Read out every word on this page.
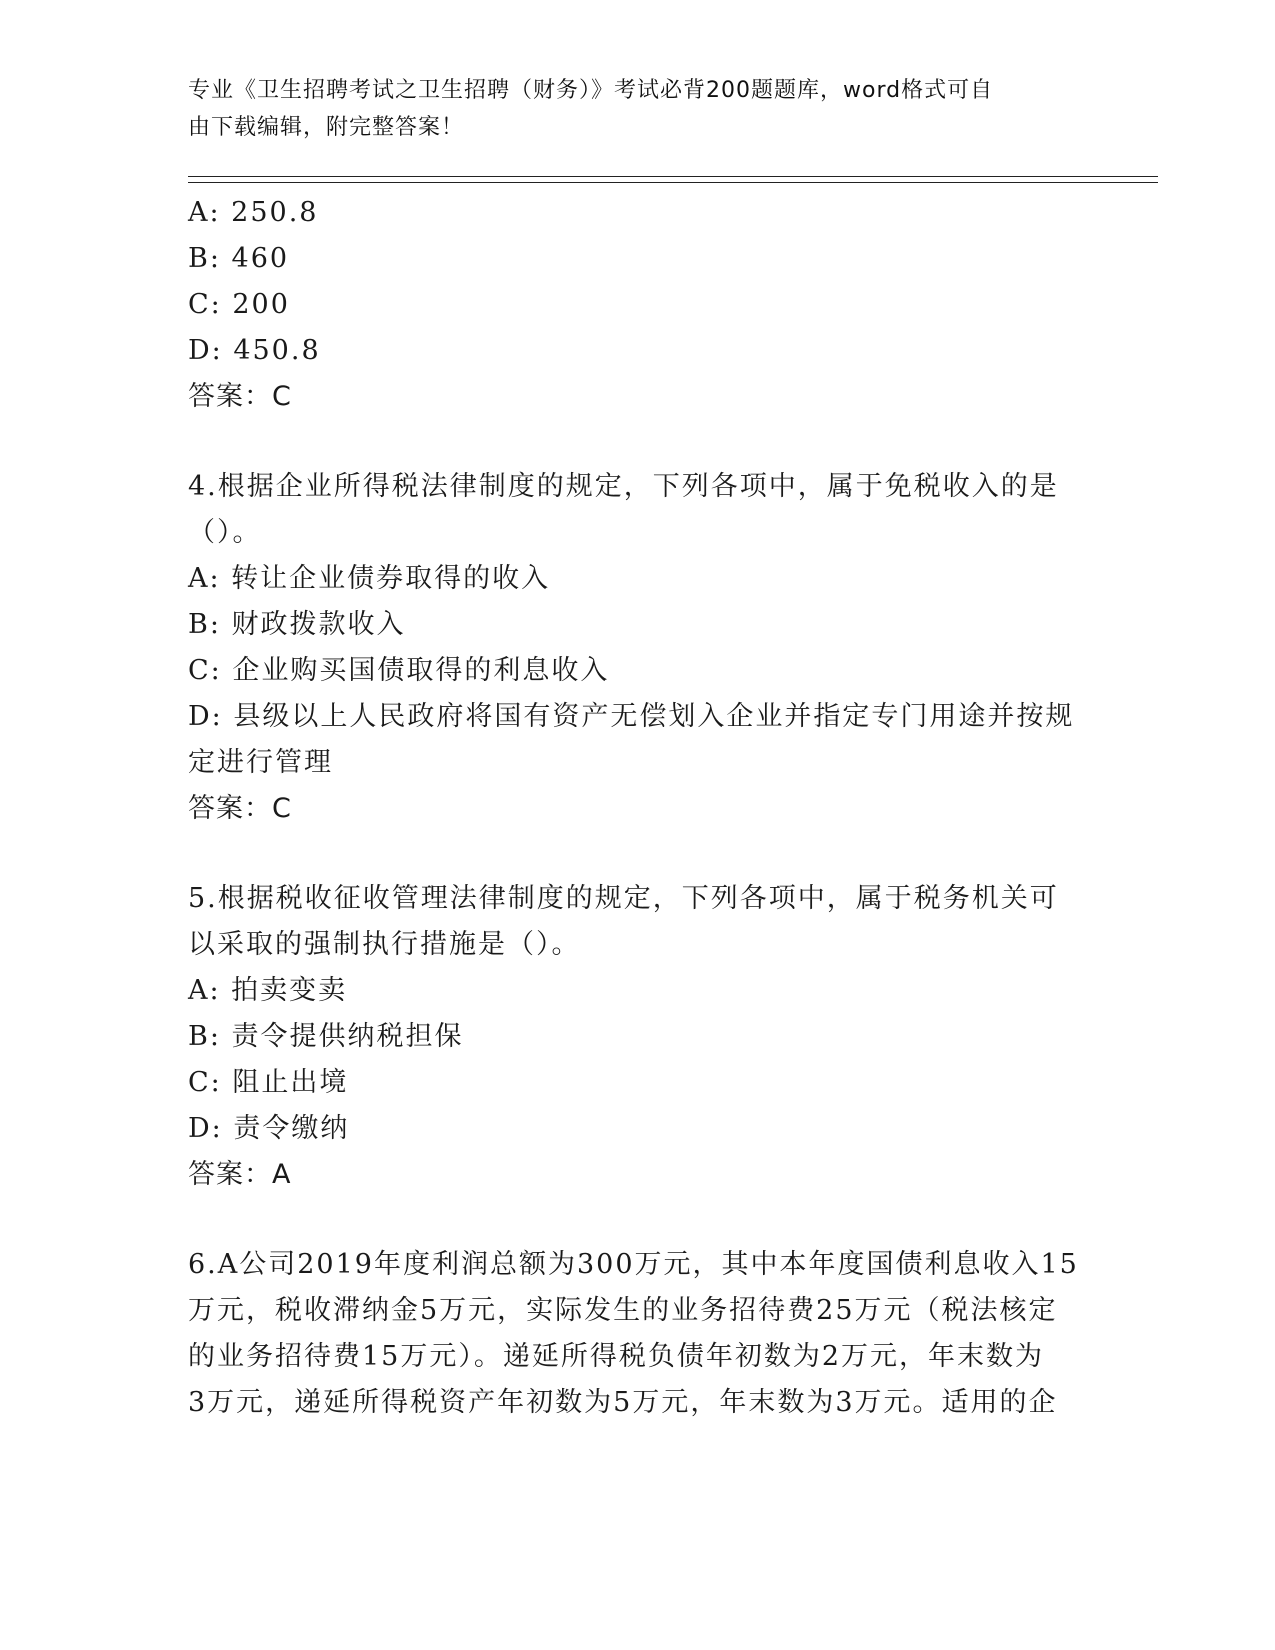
专业《卫生招聘考试之卫生招聘（财务）》考试必背200题题库，word格式可自
由下载编辑，附完整答案！
A: 250.8
B: 460
C: 200
D: 450.8
答案：C
4.根据企业所得税法律制度的规定，下列各项中，属于免税收入的是
（）。
A: 转让企业债券取得的收入
B: 财政拨款收入
C: 企业购买国债取得的利息收入
D: 县级以上人民政府将国有资产无偿划入企业并指定专门用途并按规
定进行管理
答案：C
5.根据税收征收管理法律制度的规定，下列各项中，属于税务机关可
以采取的强制执行措施是（）。
A: 拍卖变卖
B: 责令提供纳税担保
C: 阻止出境
D: 责令缴纳
答案：A
6.A公司2019年度利润总额为300万元，其中本年度国债利息收入15
万元，税收滞纳金5万元，实际发生的业务招待费25万元（税法核定
的业务招待费15万元）。递延所得税负债年初数为2万元，年末数为
3万元，递延所得税资产年初数为5万元，年末数为3万元。适用的企
